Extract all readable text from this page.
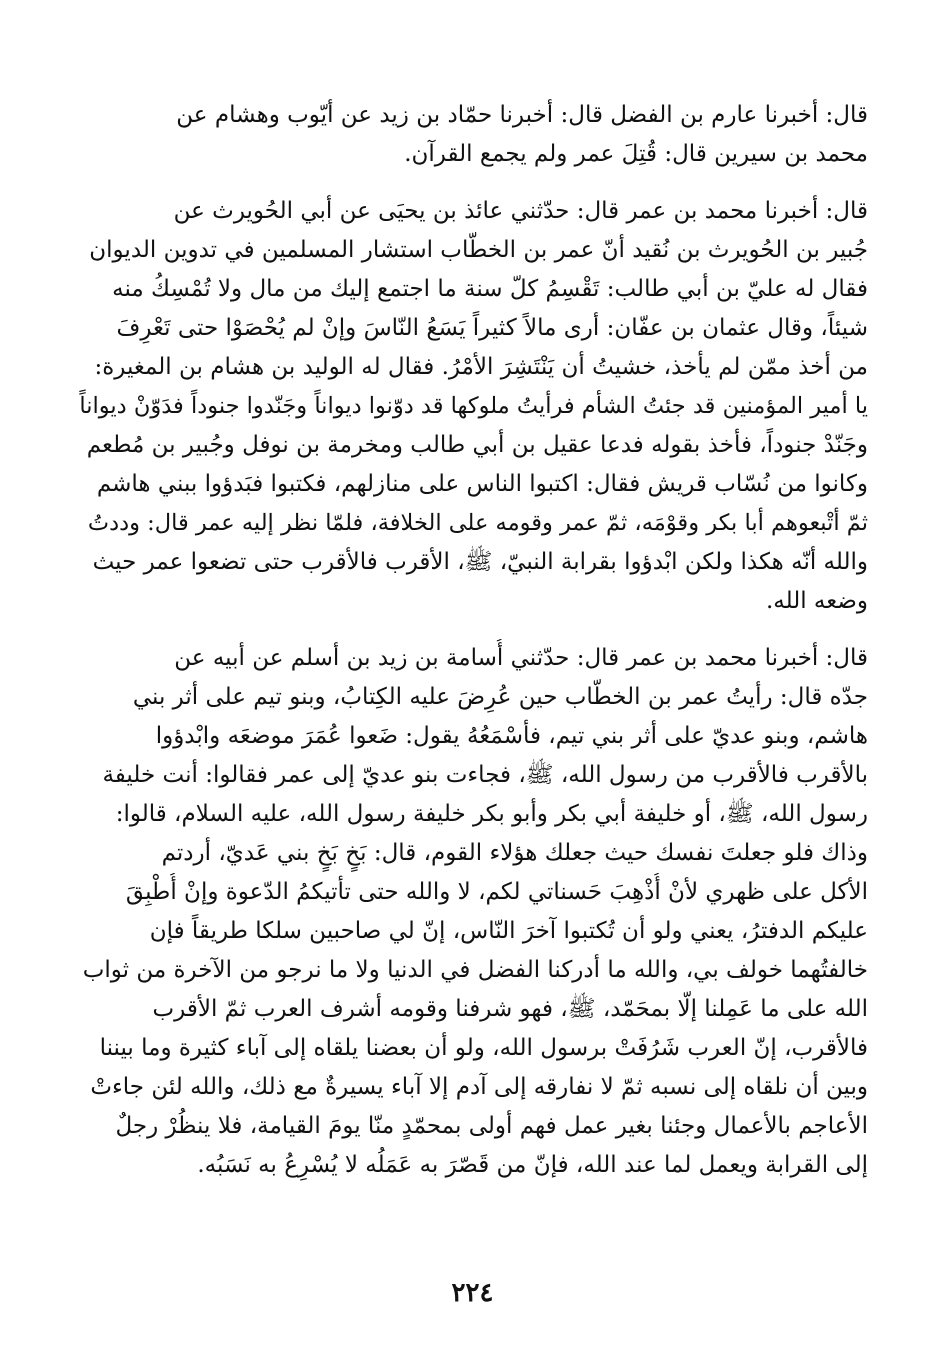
قال: أخبرنا عارم بن الفضل قال: أخبرنا حمّاد بن زيد عن أيّوب وهشام عن
محمد بن سيرين قال: قُتِلَ عمر ولم يجمع القرآن.

قال: أخبرنا محمد بن عمر قال: حدّثني عائذ بن يحيَى عن أبي الحُويرث عن
جُبير بن الحُويرث بن نُقيد أنّ عمر بن الخطّاب استشار المسلمين في تدوين الديوان
فقال له عليّ بن أبي طالب: تَقْسِمُ كلّ سنة ما اجتمع إليك من مال ولا تُمْسِكُ منه
شيئاً، وقال عثمان بن عفّان: أرى مالاً كثيراً يَسَعُ النّاسَ وإنْ لم يُحْصَوْا حتى تَعْرِفَ
من أخذ ممّن لم يأخذ، خشيتُ أن يَنْتَشِرَ الأمْرُ. فقال له الوليد بن هشام بن المغيرة:
يا أمير المؤمنين قد جئتُ الشأم فرأيتُ ملوكها قد دوّنوا ديواناً وجَنّدوا جنوداً فدَوّنْ ديواناً
وجَنّدْ جنوداً، فأخذ بقوله فدعا عقيل بن أبي طالب ومخرمة بن نوفل وجُبير بن مُطعم
وكانوا من نُسّاب قريش فقال: اكتبوا الناس على منازلهم، فكتبوا فبَدؤوا ببني هاشم
ثمّ أتْبعوهم أبا بكر وقوْمَه، ثمّ عمر وقومه على الخلافة، فلمّا نظر إليه عمر قال: وددتُ
والله أنّه هكذا ولكن ابْدؤوا بقرابة النبيّ، ﷺ، الأقرب فالأقرب حتى تضعوا عمر حيث
وضعه الله.

قال: أخبرنا محمد بن عمر قال: حدّثني أُسامة بن زيد بن أسلم عن أبيه عن
جدّه قال: رأيتُ عمر بن الخطّاب حين عُرِضَ عليه الكِتابُ، وبنو تيم على أثر بني
هاشم، وبنو عديّ على أثر بني تيم، فأسْمَعُهُ يقول: ضَعوا عُمَرَ موضعَه وابْدؤوا
بالأقرب فالأقرب من رسول الله، ﷺ، فجاءت بنو عديّ إلى عمر فقالوا: أنت خليفة
رسول الله، ﷺ، أو خليفة أبي بكر وأبو بكر خليفة رسول الله، عليه السلام، قالوا:
وذاك فلو جعلتَ نفسك حيث جعلك هؤلاء القوم، قال: بَخٍ بَخٍ بني عَديّ، أردتم
الأكل على ظهري لأنْ أُذْهِبَ حَسناتي لكم، لا والله حتى تأتيكمُ الدّعوة وإنْ أُطْبِقَ
عليكم الدفترُ، يعني ولو أن تُكتبوا آخرَ النّاس، إنّ لي صاحبين سلكا طريقاً فإن
خالفتُهما خولف بي، والله ما أدركنا الفضل في الدنيا ولا ما نرجو من الآخرة من ثواب
الله على ما عَمِلنا إلّا بمحَمّد، ﷺ، فهو شرفنا وقومه أشرف العرب ثمّ الأقرب
فالأقرب، إنّ العرب شَرُفَتْ برسول الله، ولو أن بعضنا يلقاه إلى آباء كثيرة وما بيننا
وبين أن نلقاه إلى نسبه ثمّ لا نفارقه إلى آدم إلا آباء يسيرةٌ مع ذلك، والله لئن جاءتْ
الأعاجم بالأعمال وجئنا بغير عمل فهم أولى بمحمّدٍ منّا يومَ القيامة، فلا ينظُرْ رجلٌ
إلى القرابة ويعمل لما عند الله، فإنّ من قَصّرَ به عَمَلُه لا يُسْرِعُ به نَسَبُه.

٢٢٤
